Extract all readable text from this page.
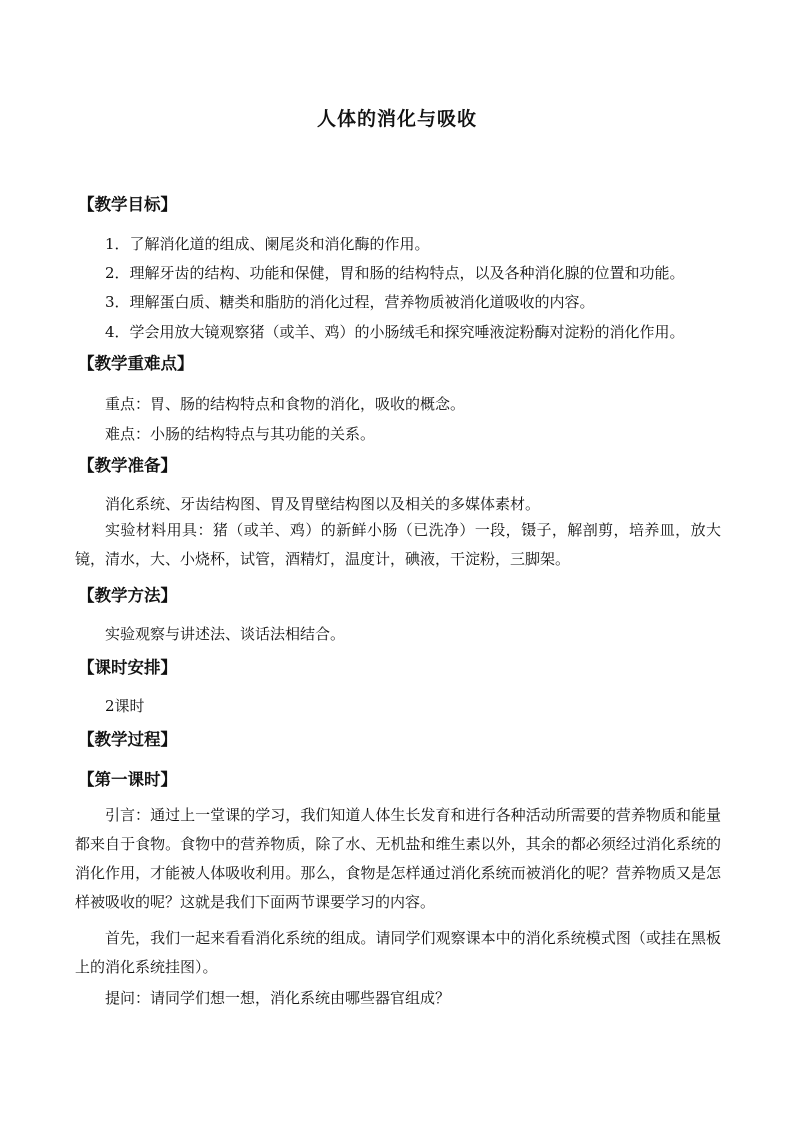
人体的消化与吸收
【教学目标】
1．了解消化道的组成、阑尾炎和消化酶的作用。
2．理解牙齿的结构、功能和保健，胃和肠的结构特点，以及各种消化腺的位置和功能。
3．理解蛋白质、糖类和脂肪的消化过程，营养物质被消化道吸收的内容。
4．学会用放大镜观察猪（或羊、鸡）的小肠绒毛和探究唾液淀粉酶对淀粉的消化作用。
【教学重难点】
重点：胃、肠的结构特点和食物的消化，吸收的概念。
难点：小肠的结构特点与其功能的关系。
【教学准备】
消化系统、牙齿结构图、胃及胃壁结构图以及相关的多媒体素材。
实验材料用具：猪（或羊、鸡）的新鲜小肠（已洗净）一段，镊子，解剖剪，培养皿，放大镜，清水，大、小烧杯，试管，酒精灯，温度计，碘液，干淀粉，三脚架。
【教学方法】
实验观察与讲述法、谈话法相结合。
【课时安排】
2课时
【教学过程】
【第一课时】
引言：通过上一堂课的学习，我们知道人体生长发育和进行各种活动所需要的营养物质和能量都来自于食物。食物中的营养物质，除了水、无机盐和维生素以外，其余的都必须经过消化系统的消化作用，才能被人体吸收利用。那么，食物是怎样通过消化系统而被消化的呢？营养物质又是怎样被吸收的呢？这就是我们下面两节课要学习的内容。
首先，我们一起来看看消化系统的组成。请同学们观察课本中的消化系统模式图（或挂在黑板上的消化系统挂图）。
提问：请同学们想一想，消化系统由哪些器官组成？
